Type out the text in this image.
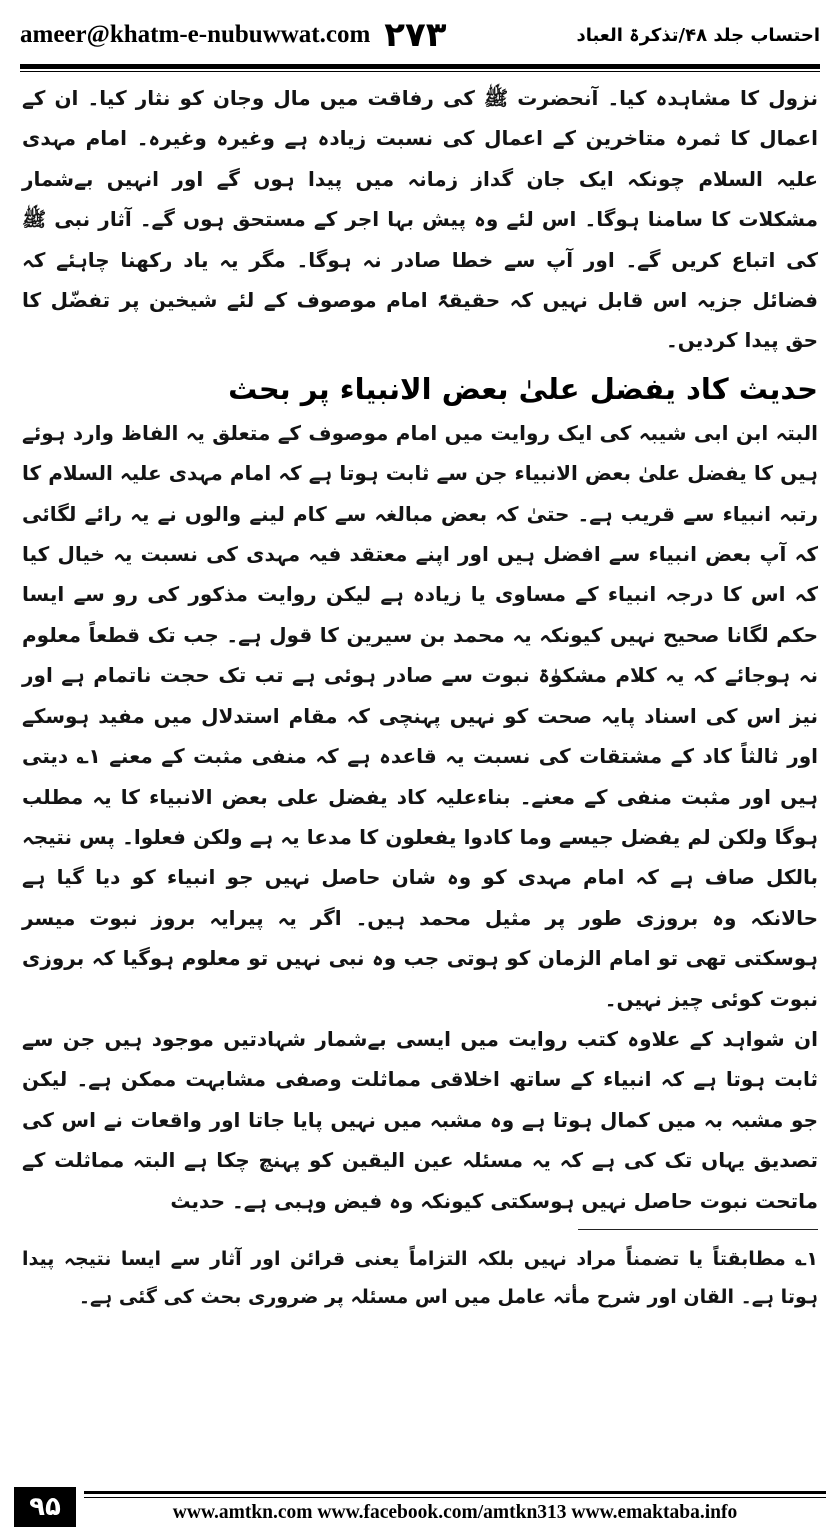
ameer@khatm-e-nubuwwat.com ۲۷۳	احتساب جلد ۴۸/تذکرۃ العباد

نزول کا مشاہدہ کیا۔ آنحضرت ﷺ کی رفاقت میں مال وجان کو نثار کیا۔ ان کے اعمال کا ثمرہ متاخرین کے اعمال کی نسبت زیادہ ہے وغیرہ وغیرہ۔ امام مہدی علیہ السلام چونکہ ایک جان گداز زمانہ میں پیدا ہوں گے اور انہیں بےشمار مشکلات کا سامنا ہوگا۔ اس لئے وہ پیش بہا اجر کے مستحق ہوں گے۔ آثار نبی ﷺ کی اتباع کریں گے۔ اور آپ سے خطا صادر نہ ہوگا۔ مگر یہ یاد رکھنا چاہئے کہ فضائل جزیہ اس قابل نہیں کہ حقیقۃً امام موصوف کے لئے شیخین پر تفضّل کا حق پیدا کردیں۔

حدیث کاد یفضل علیٰ بعض الانبیاء پر بحث

البتہ ابن ابی شیبہ کی ایک روایت میں امام موصوف کے متعلق یہ الفاظ وارد ہوئے ہیں کا یفضل علیٰ بعض الانبیاء جن سے ثابت ہوتا ہے کہ امام مہدی علیہ السلام کا رتبہ انبیاء سے قریب ہے۔ حتیٰ کہ بعض مبالغہ سے کام لینے والوں نے یہ رائے لگائی کہ آپ بعض انبیاء سے افضل ہیں اور اپنے معتقد فیہ مہدی کی نسبت یہ خیال کیا کہ اس کا درجہ انبیاء کے مساوی یا زیادہ ہے لیکن روایت مذکور کی رو سے ایسا حکم لگانا صحیح نہیں کیونکہ یہ محمد بن سیرین کا قول ہے۔ جب تک قطعاً معلوم نہ ہوجائے کہ یہ کلام مشکوٰۃ نبوت سے صادر ہوئی ہے تب تک حجت ناتمام ہے اور نیز اس کی اسناد پایہ صحت کو نہیں پہنچی کہ مقام استدلال میں مفید ہوسکے اور ثالثاً کاد کے مشتقات کی نسبت یہ قاعدہ ہے کہ منفی مثبت کے معنے ۱؎ دیتی ہیں اور مثبت منفی کے معنے۔ بناءعلیہ کاد یفضل علی بعض الانبیاء کا یہ مطلب ہوگا ولکن لم یفضل جیسے وما کادوا یفعلون کا مدعا یہ ہے ولکن فعلوا۔ پس نتیجہ بالکل صاف ہے کہ امام مہدی کو وہ شان حاصل نہیں جو انبیاء کو دیا گیا ہے حالانکہ وہ بروزی طور پر مثیل محمد ہیں۔ اگر یہ پیرایہ بروز نبوت میسر ہوسکتی تھی تو امام الزمان کو ہوتی جب وہ نبی نہیں تو معلوم ہوگیا کہ بروزی نبوت کوئی چیز نہیں۔

ان شواہد کے علاوہ کتب روایت میں ایسی بےشمار شہادتیں موجود ہیں جن سے ثابت ہوتا ہے کہ انبیاء کے ساتھ اخلاقی مماثلت وصفی مشابہت ممکن ہے۔ لیکن جو مشبہ بہ میں کمال ہوتا ہے وہ مشبہ میں نہیں پایا جاتا اور واقعات نے اس کی تصدیق یہاں تک کی ہے کہ یہ مسئلہ عین الیقین کو پہنچ چکا ہے البتہ مماثلت کے ماتحت نبوت حاصل نہیں ہوسکتی کیونکہ وہ فیض وہبی ہے۔ حدیث

۱؎ مطابقتاً یا تضمناً مراد نہیں بلکہ التزاماً یعنی قرائن اور آثار سے ایسا نتیجہ پیدا ہوتا ہے۔ القان اور شرح مأتہ عامل میں اس مسئلہ پر ضروری بحث کی گئی ہے۔

۹۵	www.amtkn.com www.facebook.com/amtkn313 www.emaktaba.info
